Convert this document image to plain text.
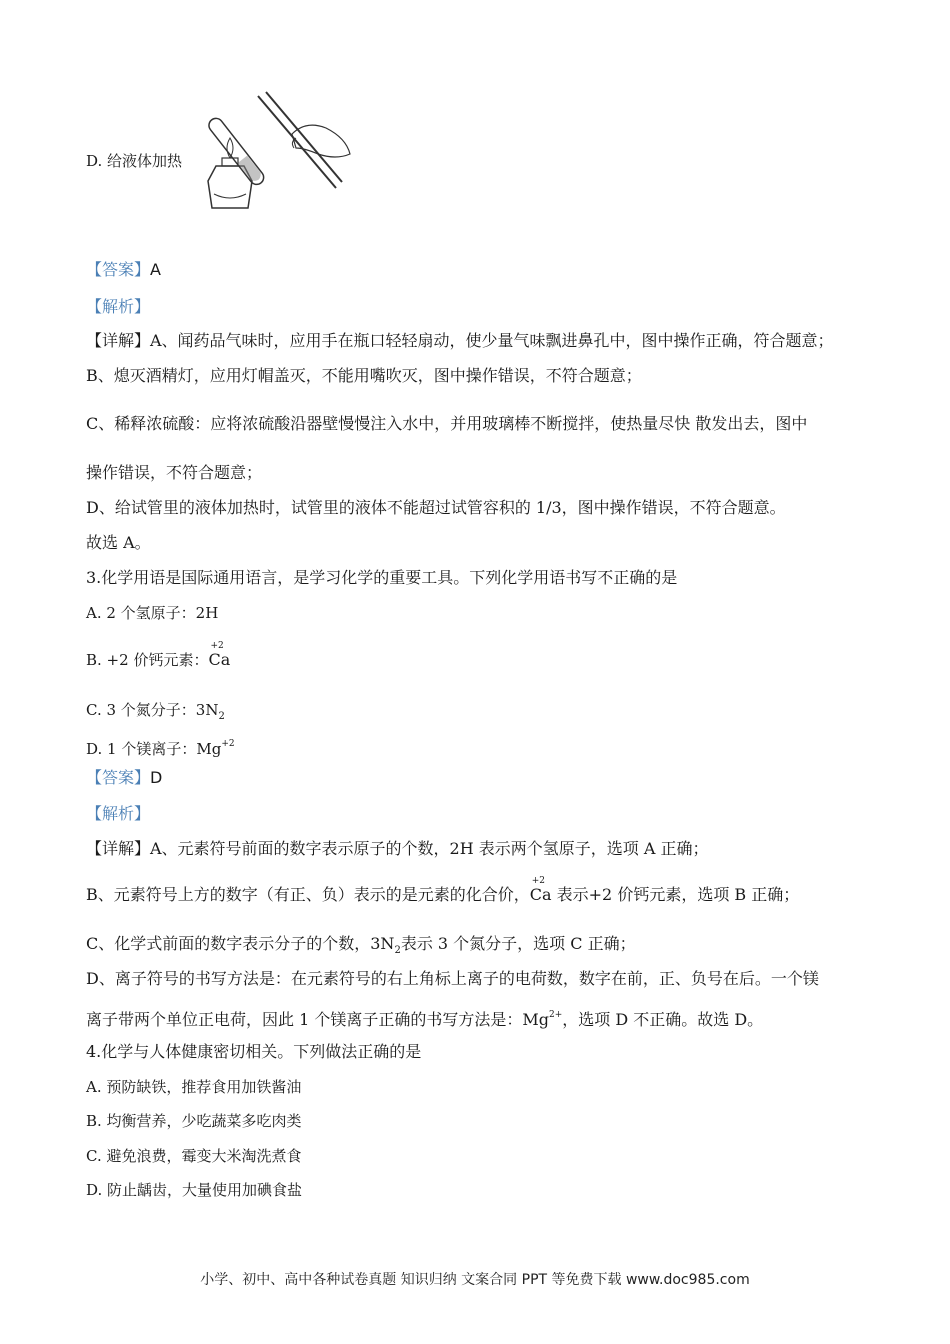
D. 给液体加热
【答案】A
【解析】
【详解】A、闻药品气味时，应用手在瓶口轻轻扇动，使少量气味飘进鼻孔中，图中操作正确，符合题意；
B、熄灭酒精灯，应用灯帽盖灭，不能用嘴吹灭，图中操作错误，不符合题意；
C、稀释浓硫酸：应将浓硫酸沿器壁慢慢注入水中，并用玻璃棒不断搅拌，使热量尽快 散发出去，图中
操作错误，不符合题意；
D、给试管里的液体加热时，试管里的液体不能超过试管容积的 1/3，图中操作错误，不符合题意。
故选 A。
3.化学用语是国际通用语言，是学习化学的重要工具。下列化学用语书写不正确的是
A. 2 个氢原子：2H
B. +2 价钙元素：
+2
Ca
C. 3 个氮分子：$3N_2$
D. 1 个镁离子：$Mg^{+2}$
【答案】D
【解析】
【详解】A、元素符号前面的数字表示原子的个数，2H 表示两个氢原子，选项 A 正确；
B、元素符号上方的数字（有正、负）表示的是元素的化合价，
+2
Ca 表示+2 价钙元素，选项 B 正确；
C、化学式前面的数字表示分子的个数，$3N_2$表示 3 个氮分子，选项 C 正确；
D、离子符号的书写方法是：在元素符号的右上角标上离子的电荷数，数字在前，正、负号在后。一个镁
离子带两个单位正电荷，因此 1 个镁离子正确的书写方法是：$Mg^{2+}$，选项 D 不正确。故选 D。
4.化学与人体健康密切相关。下列做法正确的是
A. 预防缺铁，推荐食用加铁酱油
B. 均衡营养，少吃蔬菜多吃肉类
C. 避免浪费，霉变大米淘洗煮食
D. 防止龋齿，大量使用加碘食盐
小学、初中、高中各种试卷真题 知识归纳 文案合同 PPT 等免费下载 www.doc985.com
